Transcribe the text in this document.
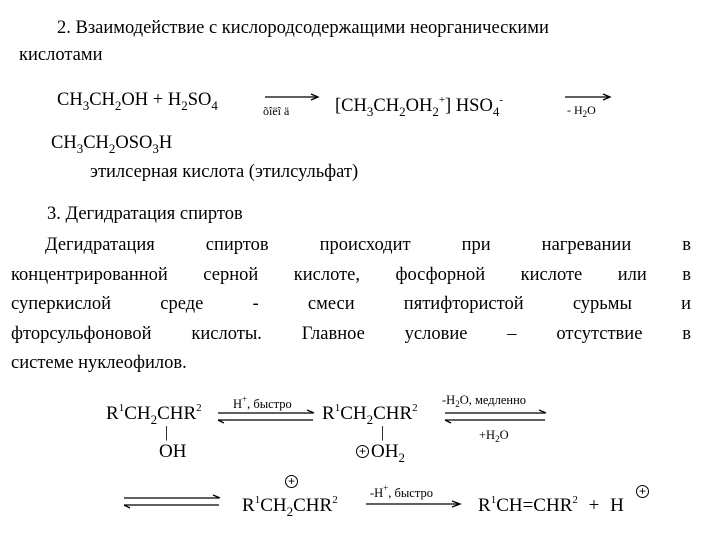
2. Взаимодействие с кислородсодержащими неорганическими
кислотами
$CH_3CH_2OH + H_2SO_4$	õîëî ä $[CH_3CH_2OH_2^+]$ $HSO_4^-$
- $H_2O$
$CH_3CH_2OSO_3H$
этилсерная кислота (этилсульфат)
3. Дегидратация спиртов
Дегидратация спиртов происходит при нагревании в
концентрированной серной кислоте, фосфорной кислоте или в
суперкислой среде - смеси пятифтористой сурьмы и
фторсульфоновой кислоты. Главное условие – отсутствие в
системе нуклеофилов.
$R^1CH_2CHR^2$
|
OH
H+, быстро $R^1CH_2CHR^2$
|
+ $OH_2$
$-H_2O$, медленно
$+H_2O$
+
$R^1CH_2CHR^2$	-H+, быстро
$R^1CH=CHR^2 + H$
+
